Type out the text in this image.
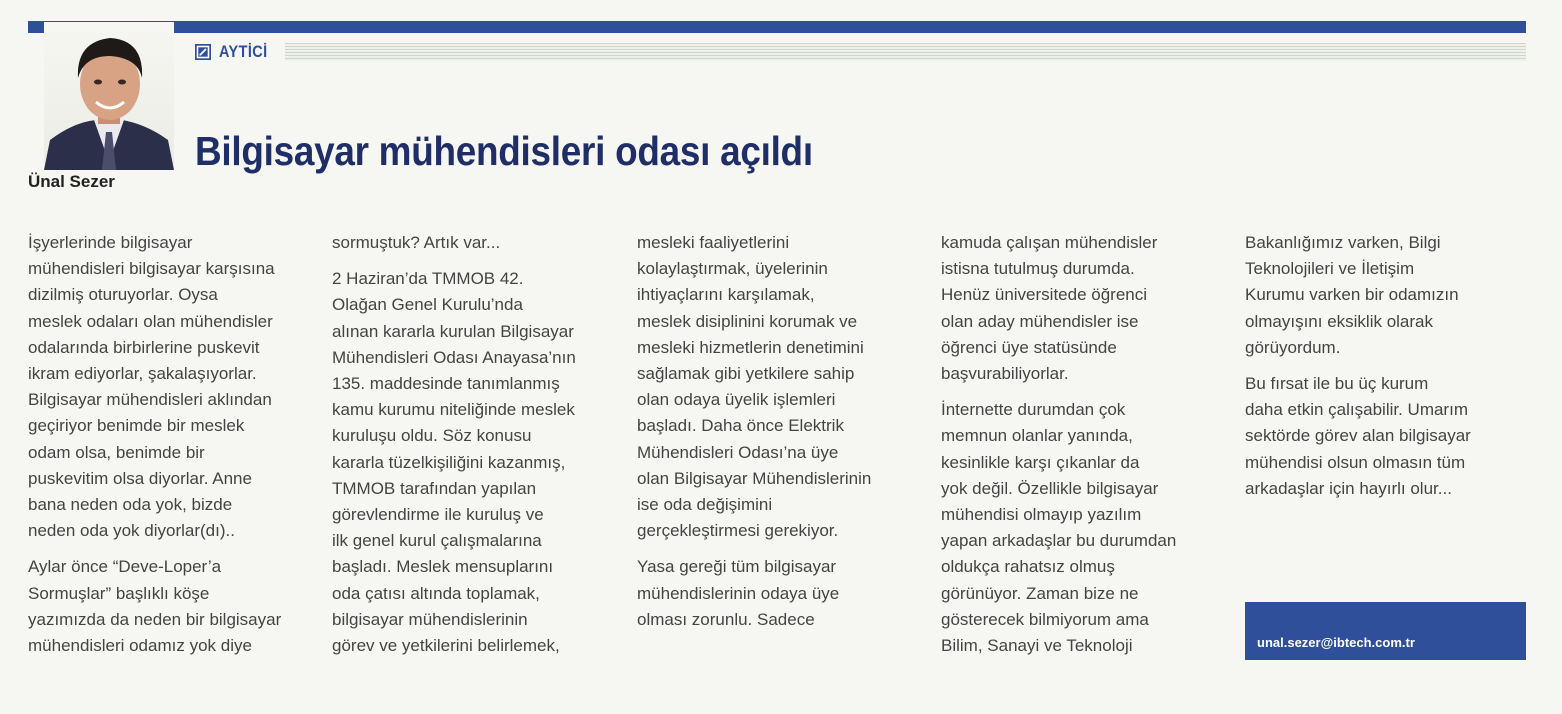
Ünal Sezer
AYTİCİ
Bilgisayar mühendisleri odası açıldı

İşyerlerinde bilgisayar
mühendisleri bilgisayar karşısına
dizilmiş oturuyorlar. Oysa
meslek odaları olan mühendisler
odalarında birbirlerine puskevit
ikram ediyorlar, şakalaşıyorlar.
Bilgisayar mühendisleri aklından
geçiriyor benimde bir meslek
odam olsa, benimde bir
puskevitim olsa diyorlar. Anne
bana neden oda yok, bizde
neden oda yok diyorlar(dı)..

Aylar önce “Deve-Loper’a
Sormuşlar” başlıklı köşe
yazımızda da neden bir bilgisayar
mühendisleri odamız yok diye

sormuştuk? Artık var...

2 Haziran’da TMMOB 42.
Olağan Genel Kurulu’nda
alınan kararla kurulan Bilgisayar
Mühendisleri Odası Anayasa’nın
135. maddesinde tanımlanmış
kamu kurumu niteliğinde meslek
kuruluşu oldu. Söz konusu
kararla tüzelkişiliğini kazanmış,
TMMOB tarafından yapılan
görevlendirme ile kuruluş ve
ilk genel kurul çalışmalarına
başladı. Meslek mensuplarını
oda çatısı altında toplamak,
bilgisayar mühendislerinin
görev ve yetkilerini belirlemek,

mesleki faaliyetlerini
kolaylaştırmak, üyelerinin
ihtiyaçlarını karşılamak,
meslek disiplinini korumak ve
mesleki hizmetlerin denetimini
sağlamak gibi yetkilere sahip
olan odaya üyelik işlemleri
başladı. Daha önce Elektrik
Mühendisleri Odası’na üye
olan Bilgisayar Mühendislerinin
ise oda değişimini
gerçekleştirmesi gerekiyor.

Yasa gereği tüm bilgisayar
mühendislerinin odaya üye
olması zorunlu. Sadece

kamuda çalışan mühendisler
istisna tutulmuş durumda.
Henüz üniversitede öğrenci
olan aday mühendisler ise
öğrenci üye statüsünde
başvurabiliyorlar.

İnternette durumdan çok
memnun olanlar yanında,
kesinlikle karşı çıkanlar da
yok değil. Özellikle bilgisayar
mühendisi olmayıp yazılım
yapan arkadaşlar bu durumdan
oldukça rahatsız olmuş
görünüyor. Zaman bize ne
gösterecek bilmiyorum ama
Bilim, Sanayi ve Teknoloji

Bakanlığımız varken, Bilgi
Teknolojileri ve İletişim
Kurumu varken bir odamızın
olmayışını eksiklik olarak
görüyordum.

Bu fırsat ile bu üç kurum
daha etkin çalışabilir. Umarım
sektörde görev alan bilgisayar
mühendisi olsun olmasın tüm
arkadaşlar için hayırlı olur...

unal.sezer@ibtech.com.tr
